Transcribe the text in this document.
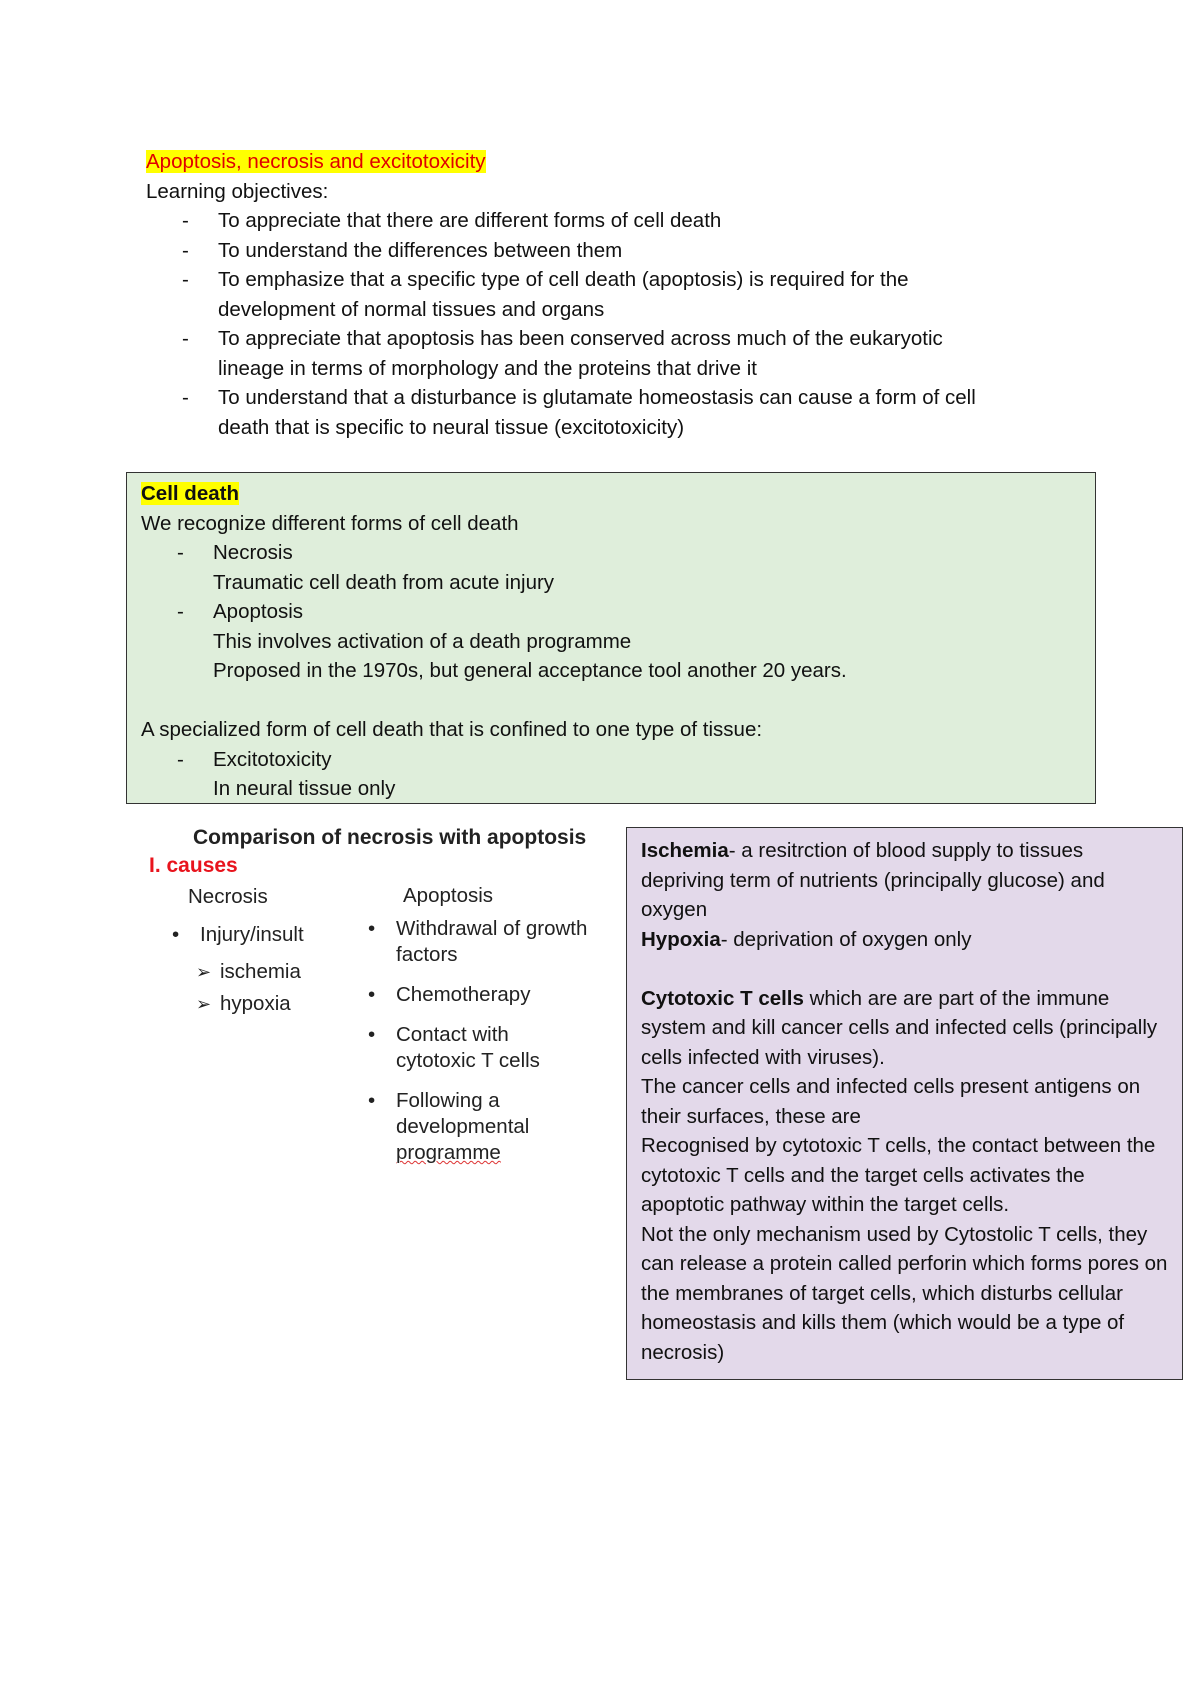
Apoptosis, necrosis and excitotoxicity
Learning objectives:
- To appreciate that there are different forms of cell death
- To understand the differences between them
- To emphasize that a specific type of cell death (apoptosis) is required for the development of normal tissues and organs
- To appreciate that apoptosis has been conserved across much of the eukaryotic lineage in terms of morphology and the proteins that drive it
- To understand that a disturbance is glutamate homeostasis can cause a form of cell death that is specific to neural tissue (excitotoxicity)
Cell death
We recognize different forms of cell death
- Necrosis
Traumatic cell death from acute injury
- Apoptosis
This involves activation of a death programme
Proposed in the 1970s, but general acceptance tool another 20 years.
A specialized form of cell death that is confined to one type of tissue:
- Excitotoxicity
In neural tissue only
Comparison of necrosis with apoptosis
I. causes
Necrosis
• Injury/insult
➢ ischemia
➢ hypoxia
Apoptosis
• Withdrawal of growth factors
• Chemotherapy
• Contact with cytotoxic T cells
• Following a developmental programme
Ischemia- a resitrction of blood supply to tissues depriving term of nutrients (principally glucose) and oxygen
Hypoxia- deprivation of oxygen only
Cytotoxic T cells which are are part of the immune system and kill cancer cells and infected cells (principally cells infected with viruses).
The cancer cells and infected cells present antigens on their surfaces, these are
Recognised by cytotoxic T cells, the contact between the cytotoxic T cells and the target cells activates the apoptotic pathway within the target cells.
Not the only mechanism used by Cytostolic T cells, they can release a protein called perforin which forms pores on the membranes of target cells, which disturbs cellular homeostasis and kills them (which would be a type of necrosis)
